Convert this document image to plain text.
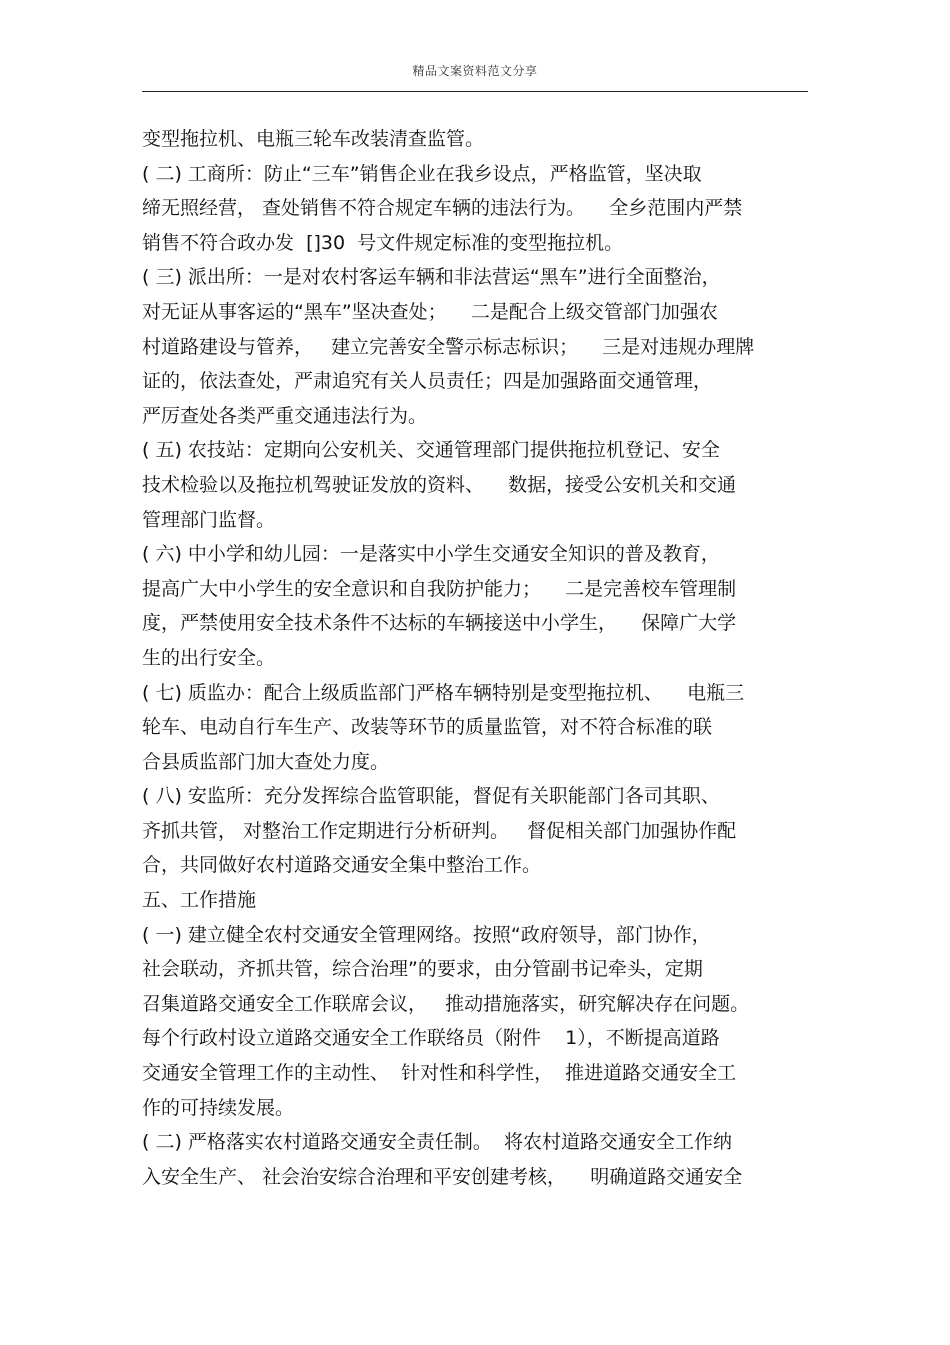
精品文案资料范文分享
变型拖拉机、电瓶三轮车改装清查监管。
( 二) 工商所：防止“三车”销售企业在我乡设点，严格监管，坚决取
缔无照经营， 查处销售不符合规定车辆的违法行为。    全乡范围内严禁
销售不符合政办发  []30  号文件规定标准的变型拖拉机。
( 三) 派出所：一是对农村客运车辆和非法营运“黑车”进行全面整治，
对无证从事客运的“黑车”坚决查处；    二是配合上级交管部门加强农
村道路建设与管养，   建立完善安全警示标志标识；    三是对违规办理牌
证的，依法查处，严肃追究有关人员责任；四是加强路面交通管理，
严厉查处各类严重交通违法行为。
( 五) 农技站：定期向公安机关、交通管理部门提供拖拉机登记、安全
技术检验以及拖拉机驾驶证发放的资料、    数据，接受公安机关和交通
管理部门监督。
( 六) 中小学和幼儿园：一是落实中小学生交通安全知识的普及教育，
提高广大中小学生的安全意识和自我防护能力；    二是完善校车管理制
度，严禁使用安全技术条件不达标的车辆接送中小学生，    保障广大学
生的出行安全。
( 七) 质监办：配合上级质监部门严格车辆特别是变型拖拉机、    电瓶三
轮车、电动自行车生产、改装等环节的质量监管，对不符合标准的联
合县质监部门加大查处力度。
( 八) 安监所：充分发挥综合监管职能，督促有关职能部门各司其职、
齐抓共管， 对整治工作定期进行分析研判。   督促相关部门加强协作配
合，共同做好农村道路交通安全集中整治工作。
五、工作措施
( 一) 建立健全农村交通安全管理网络。按照“政府领导，部门协作，
社会联动，齐抓共管，综合治理”的要求，由分管副书记牵头，定期
召集道路交通安全工作联席会议，   推动措施落实，研究解决存在问题。
每个行政村设立道路交通安全工作联络员（附件    1），不断提高道路
交通安全管理工作的主动性、  针对性和科学性，  推进道路交通安全工
作的可持续发展。
( 二) 严格落实农村道路交通安全责任制。  将农村道路交通安全工作纳
入安全生产、 社会治安综合治理和平安创建考核，    明确道路交通安全
